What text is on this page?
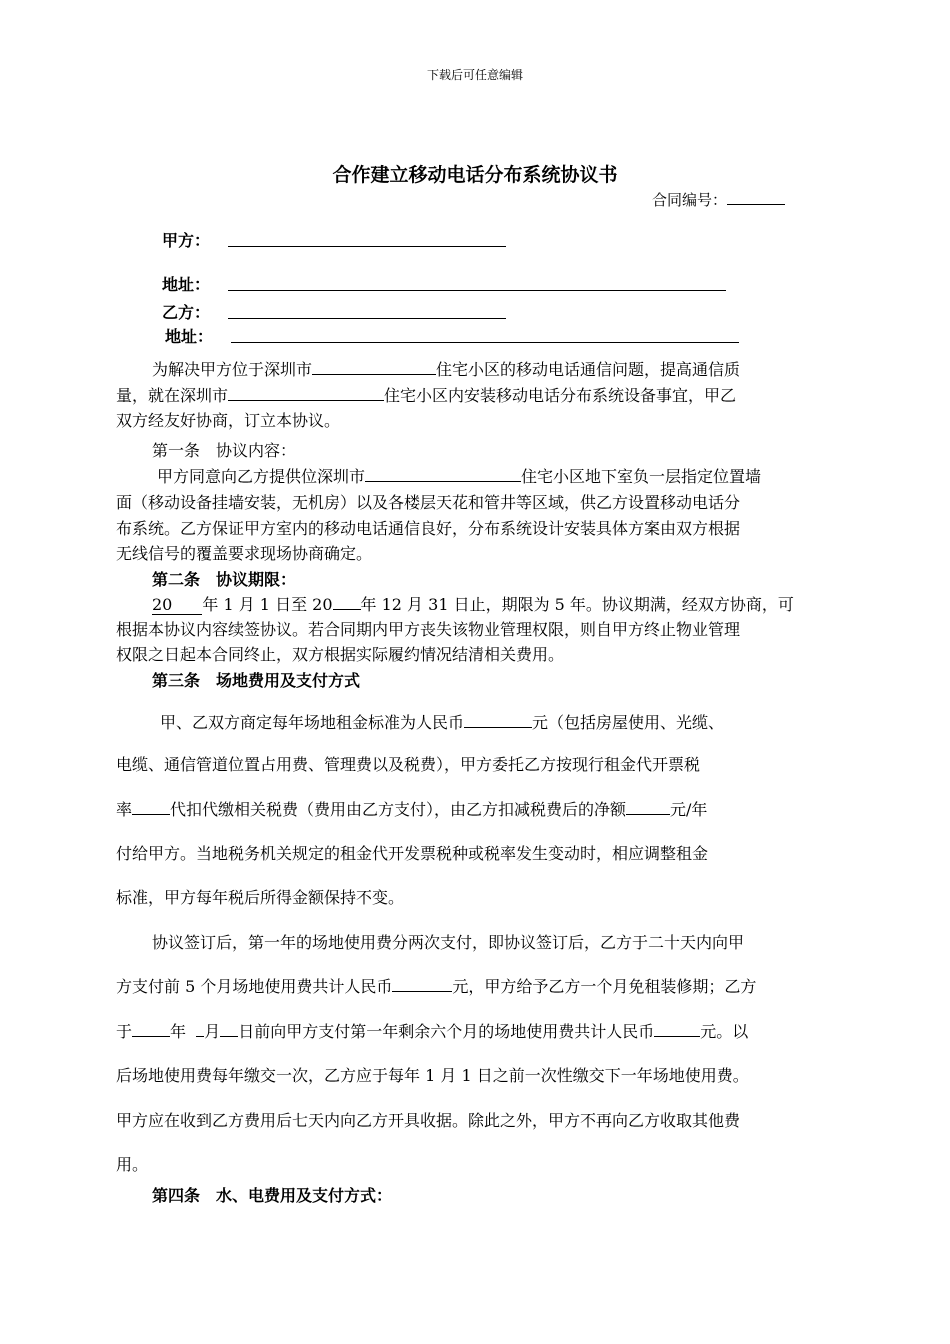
下载后可任意编辑
合作建立移动电话分布系统协议书
合同编号：
甲方：
地址：
乙方：
地址：
为解决甲方位于深圳市	住宅小区的移动电话通信问题，提高通信质
量，就在深圳市	住宅小区内安装移动电话分布系统设备事宜，甲乙
双方经友好协商，订立本协议。
第一条　协议内容：
甲方同意向乙方提供位深圳市	住宅小区地下室负一层指定位置墙
面（移动设备挂墙安装，无机房）以及各楼层天花和管井等区域，供乙方设置移动电话分
布系统。乙方保证甲方室内的移动电话通信良好，分布系统设计安装具体方案由双方根据
无线信号的覆盖要求现场协商确定。
第二条　协议期限：
20 年 1 月 1 日至 20 年 12 月 31 日止，期限为 5 年。协议期满，经双方协商，可
根据本协议内容续签协议。若合同期内甲方丧失该物业管理权限，则自甲方终止物业管理
权限之日起本合同终止，双方根据实际履约情况结清相关费用。
第三条　场地费用及支付方式
甲、乙双方商定每年场地租金标准为人民币	元（包括房屋使用、光缆、
电缆、通信管道位置占用费、管理费以及税费），甲方委托乙方按现行租金代开票税
率 代扣代缴相关税费（费用由乙方支付），由乙方扣减税费后的净额	元/年
付给甲方。当地税务机关规定的租金代开发票税种或税率发生变动时，相应调整租金
标准，甲方每年税后所得金额保持不变。
协议签订后，第一年的场地使用费分两次支付，即协议签订后，乙方于二十天内向甲
方支付前 5 个月场地使用费共计人民币	元，甲方给予乙方一个月免租装修期；乙方
于 年 月 日前向甲方支付第一年剩余六个月的场地使用费共计人民币	元。以
后场地使用费每年缴交一次，乙方应于每年 1 月 1 日之前一次性缴交下一年场地使用费。
甲方应在收到乙方费用后七天内向乙方开具收据。除此之外，甲方不再向乙方收取其他费
用。
第四条　水、电费用及支付方式：
